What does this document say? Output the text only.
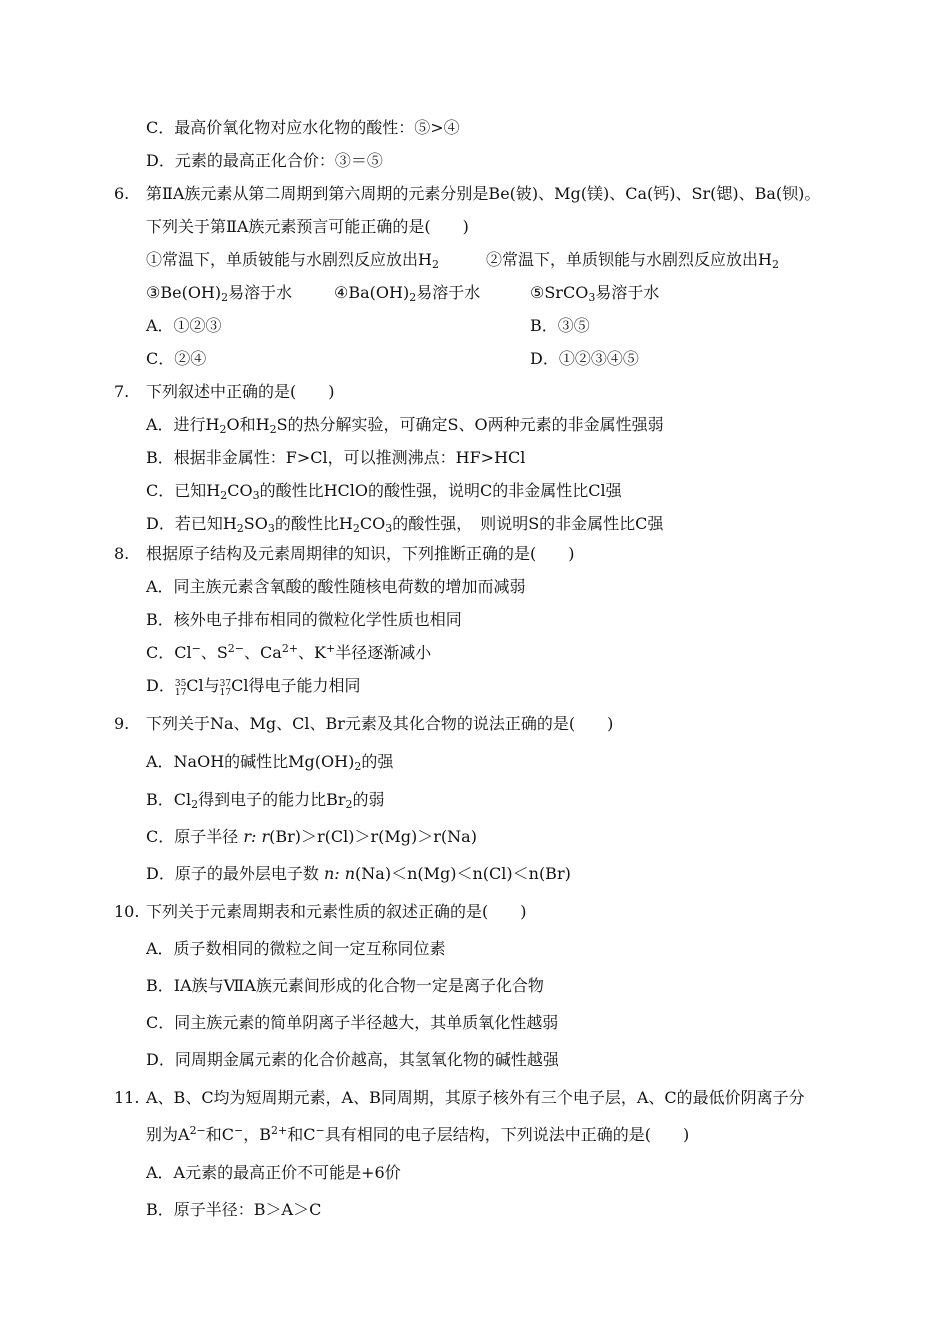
C．最高价氧化物对应水化物的酸性：⑤>④
D．元素的最高正化合价：③＝⑤
6. 第ⅡA族元素从第二周期到第六周期的元素分别是Be(铍)、Mg(镁)、Ca(钙)、Sr(锶)、Ba(钡)。
下列关于第ⅡA族元素预言可能正确的是(　　)
①常温下，单质铍能与水剧烈反应放出$H_2$	②常温下，单质钡能与水剧烈反应放出$H_2$
$③Be(OH)_2$易溶于水	$④Ba(OH)_2$易溶于水	⑤SrCO$_3$易溶于水
A．①②③	B．③⑤
C．②④	D．①②③④⑤
7. 下列叙述中正确的是(　　)
A．进行$H_2O$和$H_2S$的热分解实验，可确定S、O两种元素的非金属性强弱
B．根据非金属性：F>Cl，可以推测沸点：HF>HCl
C．已知$H_2CO_3$的酸性比HClO的酸性强，说明C的非金属性比Cl强
D．若已知$H_2SO_3$的酸性比$H_2CO_3$的酸性强，　则说明S的非金属性比C强
8. 根据原子结构及元素周期律的知识，下列推断正确的是(　　)
A．同主族元素含氧酸的酸性随核电荷数的增加而减弱
B．核外电子排布相同的微粒化学性质也相同
C．Cl−、$S^{2-}$、$Ca^{2+}$、K+半径逐渐减小
D． 35
17 Cl与 37
17 Cl得电子能力相同
9. 下列关于Na、Mg、Cl、Br元素及其化合物的说法正确的是(　　)
A．NaOH的碱性比$Mg(OH)_2$的强
B．$Cl_2$得到电子的能力比$Br_2$的弱
C．原子半径 r: r(Br)＞r(Cl)＞r(Mg)＞r(Na)
D．原子的最外层电子数 n: n(Na)＜n(Mg)＜n(Cl)＜n(Br)
10. 下列关于元素周期表和元素性质的叙述正确的是(　　)
A．质子数相同的微粒之间一定互称同位素
B．ⅠA族与ⅦA族元素间形成的化合物一定是离子化合物
C．同主族元素的简单阴离子半径越大，其单质氧化性越弱
D．同周期金属元素的化合价越高，其氢氧化物的碱性越强
11. A、B、C均为短周期元素，A、B同周期，其原子核外有三个电子层，A、C的最低价阴离子分
别为$A^{2-}$和C−，$B^{2+}$和C−具有相同的电子层结构，下列说法中正确的是(　　)
A．A元素的最高正价不可能是+6价
B．原子半径：B＞A＞C
